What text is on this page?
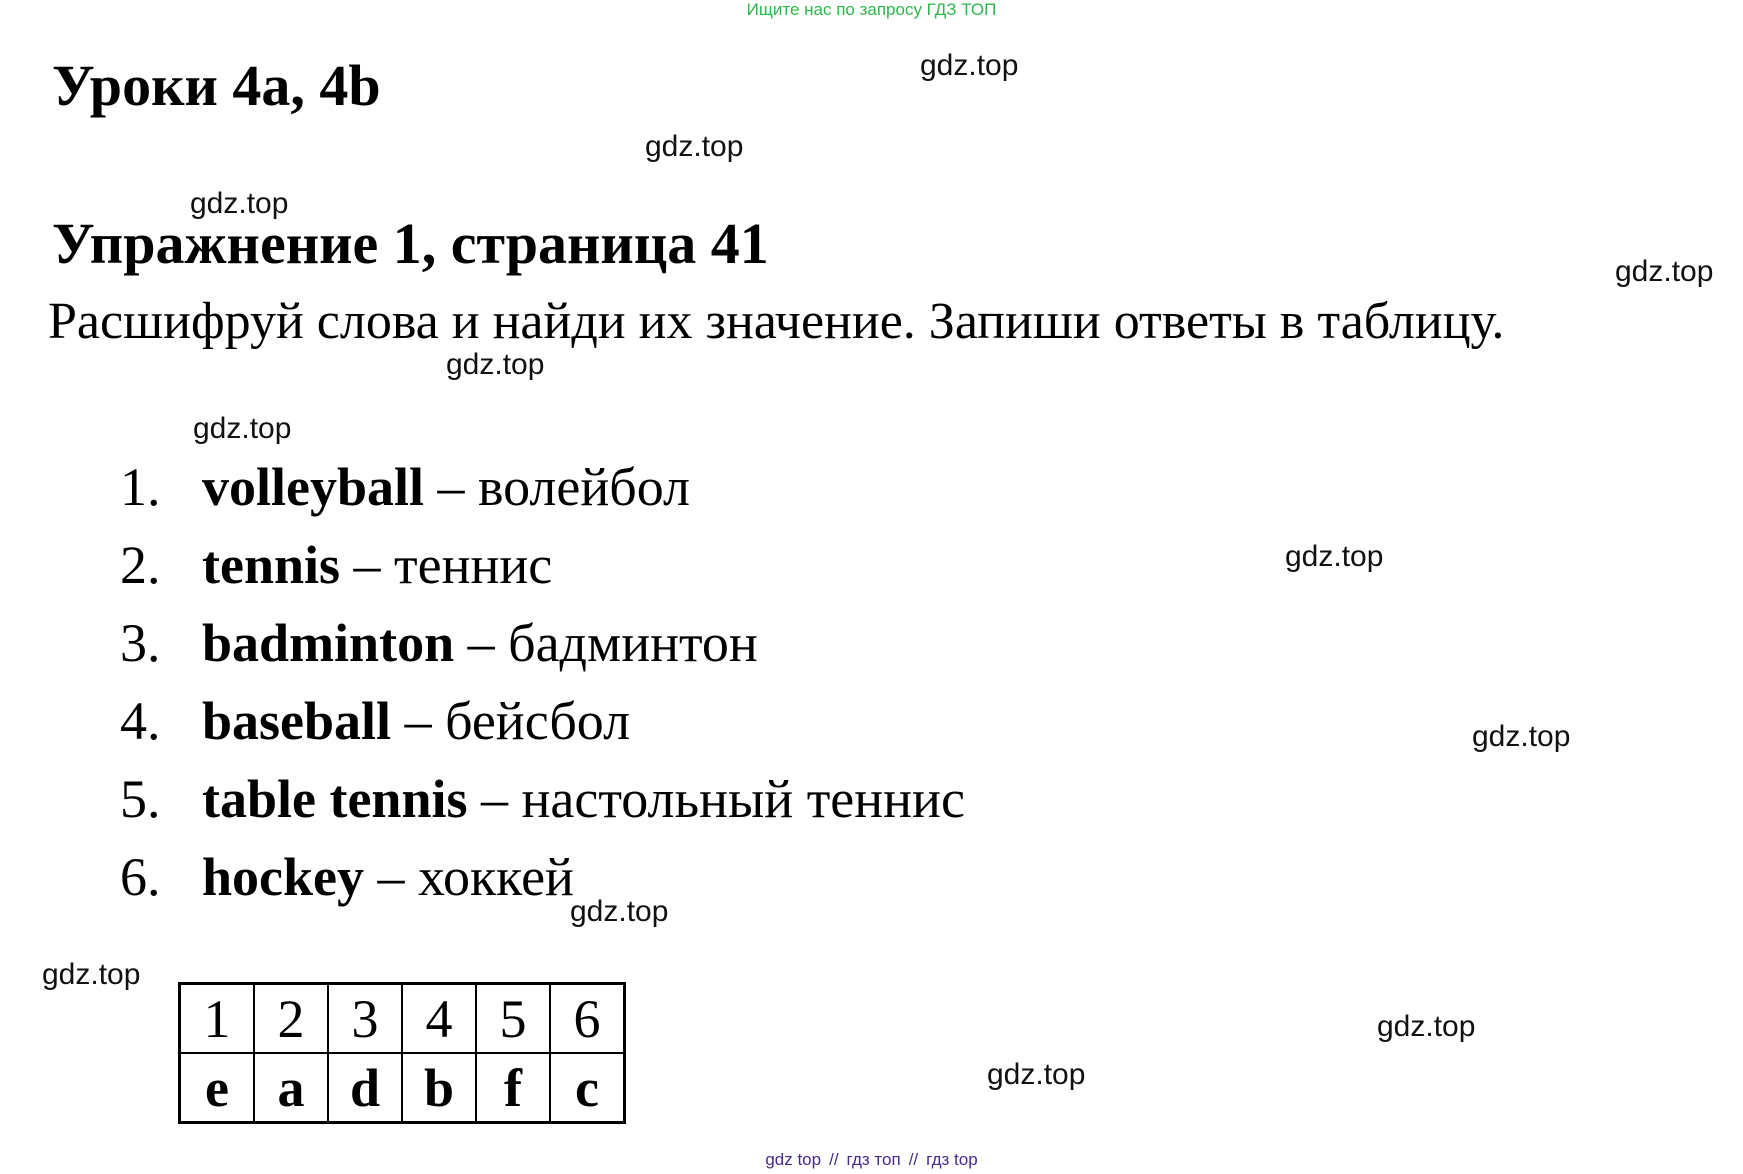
Ищите нас по запросу ГДЗ ТОП
Уроки 4а, 4b	gdz.top
gdz.top
gdz.top
Упражнение 1, страница 41	gdz.top
Расшифруй слова и найди их значение. Запиши ответы в таблицу.
gdz.top
gdz.top
1. volleyball – волейбол
2. tennis – теннис
3. badminton – бадминтон
4. baseball – бейсбол
5. table tennis – настольный теннис
6. hockey – хоккей
gdz.top
gdz.top
gdz.top
gdz.top
gdz.top
gdz.top
1	2	3	4	5	6
e	a	d	b	f	c
gdz top // гдз топ // гдз top
